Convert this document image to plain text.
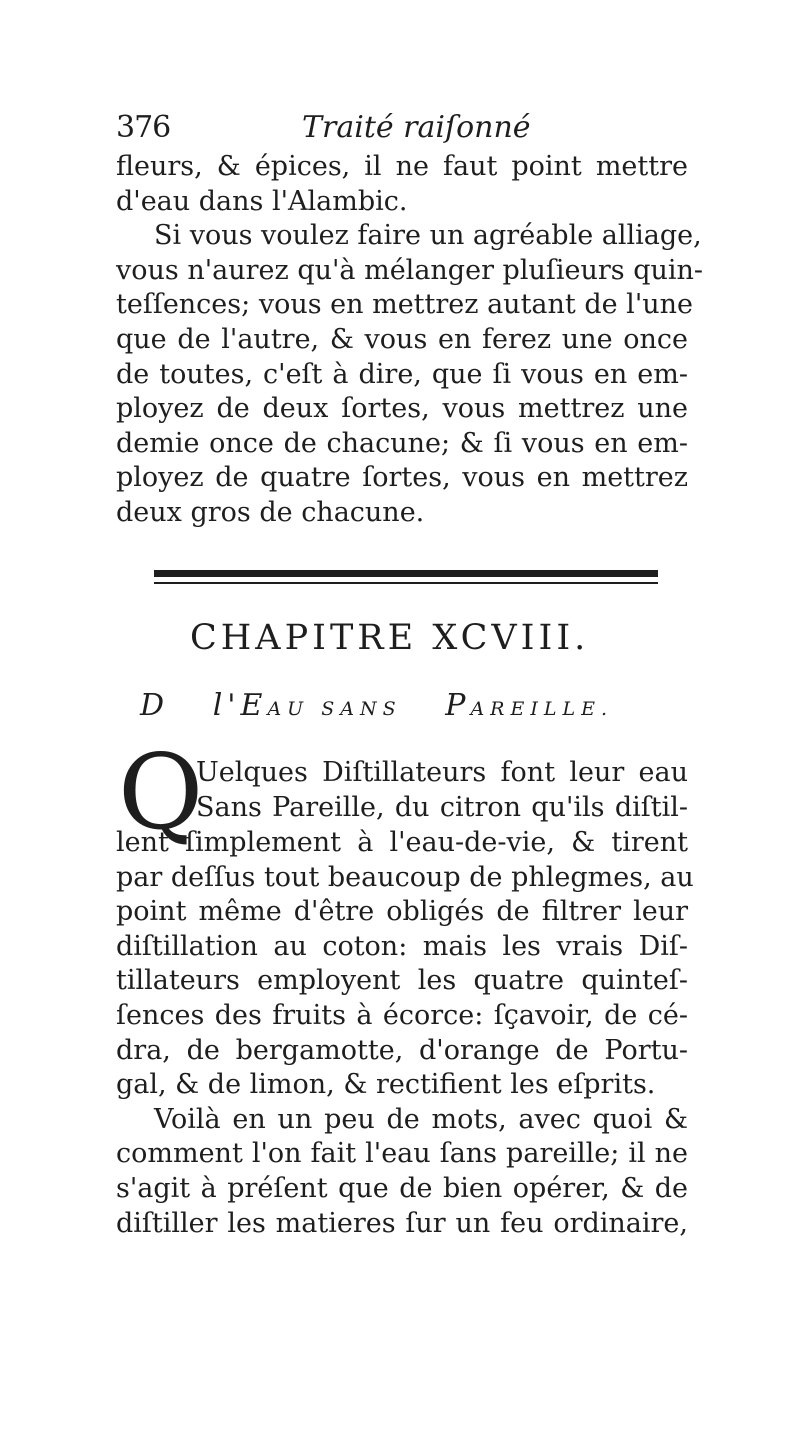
376	Traité raiſonné
fleurs, & épices, il ne faut point mettre
d'eau dans l'Alambic.
Si vous voulez faire un agréable alliage,
vous n'aurez qu'à mélanger pluſieurs quin-
teſſences; vous en mettrez autant de l'une
que de l'autre, & vous en ferez une once
de toutes, c'eſt à dire, que ſi vous en em-
ployez de deux ſortes, vous mettrez une
demie once de chacune; & ſi vous en em-
ployez de quatre ſortes, vous en mettrez
deux gros de chacune.
CHAPITRE XCVIII.
D l'EAU SANS PAREILLE.
Q
Uelques Diſtillateurs font leur eau
Sans Pareille, du citron qu'ils diſtil-
lent ſimplement à l'eau-de-vie, & tirent
par deſſus tout beaucoup de phlegmes, au
point même d'être obligés de filtrer leur
diſtillation au coton: mais les vrais Diſ-
tillateurs employent les quatre quinteſ-
ſences des fruits à écorce: ſçavoir, de cé-
dra, de bergamotte, d'orange de Portu-
gal, & de limon, & rectifient les eſprits.
Voilà en un peu de mots, avec quoi &
comment l'on fait l'eau ſans pareille; il ne
s'agit à préſent que de bien opérer, & de
diſtiller les matieres ſur un feu ordinaire,
